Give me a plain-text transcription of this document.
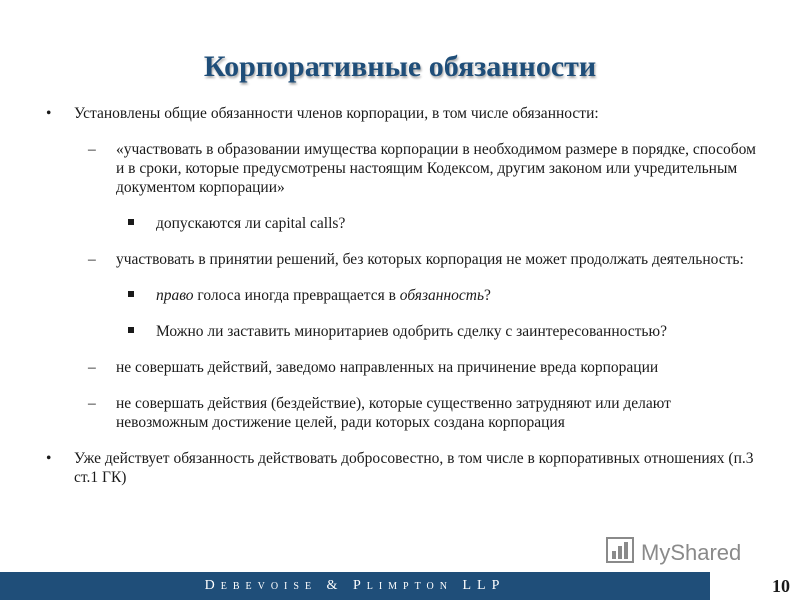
Корпоративные обязанности
• Установлены общие обязанности членов корпорации, в том числе обязанности:
– «участвовать в образовании имущества корпорации в необходимом размере в порядке, способом и в сроки, которые предусмотрены настоящим Кодексом, другим законом или учредительным документом корпорации»
допускаются ли capital calls?
– участвовать в принятии решений, без которых корпорация не может продолжать деятельность:
право голоса иногда превращается в обязанность?
Можно ли заставить миноритариев одобрить сделку с заинтересованностью?
– не совершать действий, заведомо направленных на причинение вреда корпорации
– не совершать действия (бездействие), которые существенно затрудняют или делают невозможным достижение целей, ради которых создана корпорация
• Уже действует обязанность действовать добросовестно, в том числе в корпоративных отношениях (п.3 ст.1 ГК)
MyShared
Debevoise & Plimpton LLP	10
